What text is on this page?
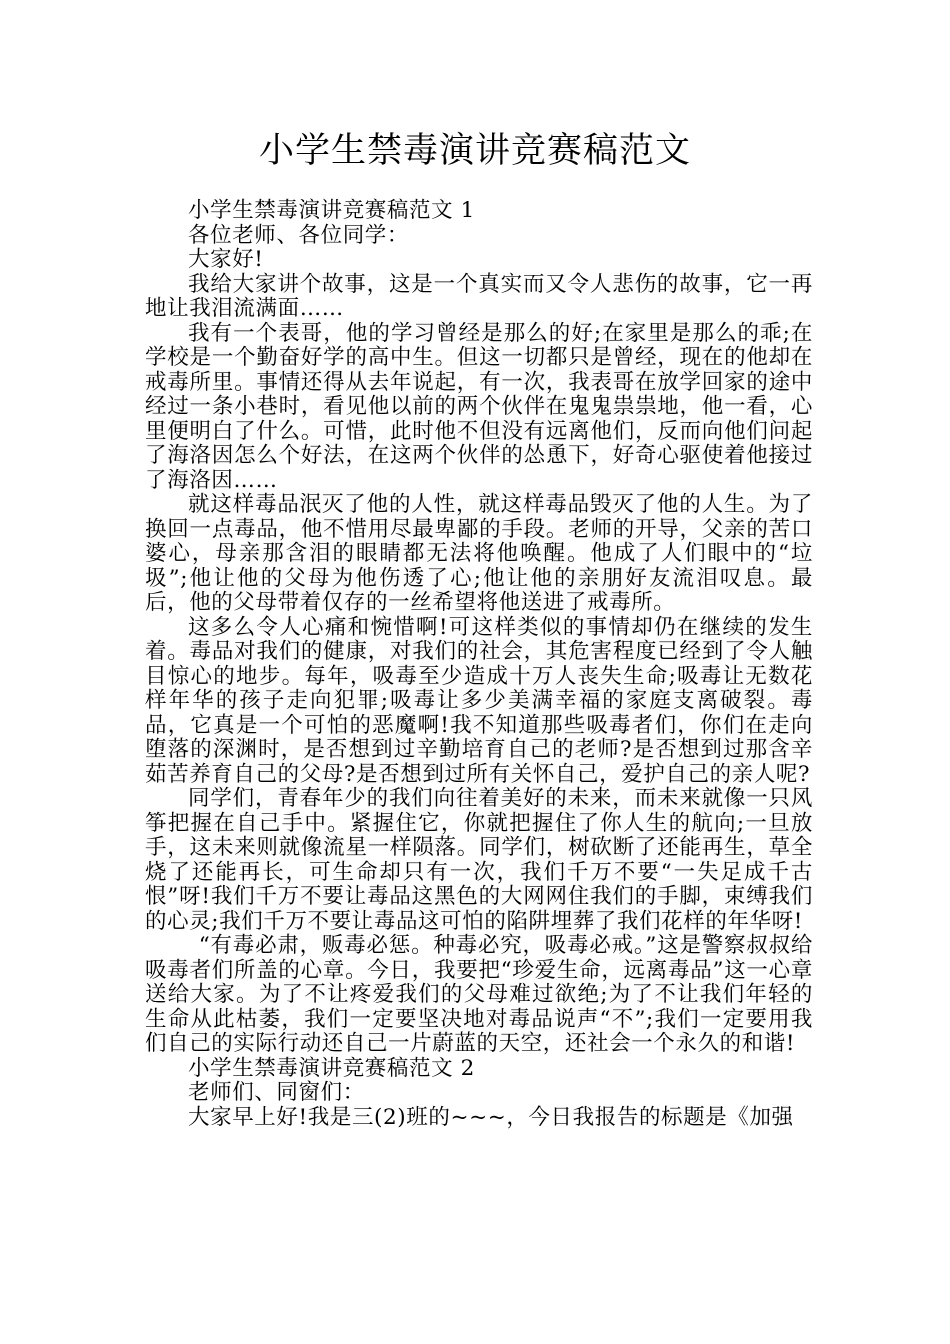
小学生禁毒演讲竞赛稿范文

小学生禁毒演讲竞赛稿范文 1

各位老师、各位同学：

大家好!

我给大家讲个故事，这是一个真实而又令人悲伤的故事，它一再地让我泪流满面……

我有一个表哥，他的学习曾经是那么的好;在家里是那么的乖;在学校是一个勤奋好学的高中生。但这一切都只是曾经，现在的他却在戒毒所里。事情还得从去年说起，有一次，我表哥在放学回家的途中经过一条小巷时，看见他以前的两个伙伴在鬼鬼祟祟地，他一看，心里便明白了什么。可惜，此时他不但没有远离他们，反而向他们问起了海洛因怎么个好法，在这两个伙伴的怂恿下，好奇心驱使着他接过了海洛因……

就这样毒品泯灭了他的人性，就这样毒品毁灭了他的人生。为了换回一点毒品，他不惜用尽最卑鄙的手段。老师的开导，父亲的苦口婆心，母亲那含泪的眼睛都无法将他唤醒。他成了人们眼中的“垃圾”;他让他的父母为他伤透了心;他让他的亲朋好友流泪叹息。最后，他的父母带着仅存的一丝希望将他送进了戒毒所。

这多么令人心痛和惋惜啊!可这样类似的事情却仍在继续的发生着。毒品对我们的健康，对我们的社会，其危害程度已经到了令人触目惊心的地步。每年，吸毒至少造成十万人丧失生命;吸毒让无数花样年华的孩子走向犯罪;吸毒让多少美满幸福的家庭支离破裂。毒品，它真是一个可怕的恶魔啊!我不知道那些吸毒者们，你们在走向堕落的深渊时，是否想到过辛勤培育自己的老师?是否想到过那含辛茹苦养育自己的父母?是否想到过所有关怀自己，爱护自己的亲人呢?

同学们，青春年少的我们向往着美好的未来，而未来就像一只风筝把握在自己手中。紧握住它，你就把握住了你人生的航向;一旦放手，这未来则就像流星一样陨落。同学们，树砍断了还能再生，草全烧了还能再长，可生命却只有一次，我们千万不要“一失足成千古恨”呀!我们千万不要让毒品这黑色的大网网住我们的手脚，束缚我们的心灵;我们千万不要让毒品这可怕的陷阱埋葬了我们花样的年华呀!

“有毒必肃，贩毒必惩。种毒必究，吸毒必戒。”这是警察叔叔给吸毒者们所盖的心章。今日，我要把“珍爱生命，远离毒品”这一心章送给大家。为了不让疼爱我们的父母难过欲绝;为了不让我们年轻的生命从此枯萎，我们一定要坚决地对毒品说声“不”;我们一定要用我们自己的实际行动还自己一片蔚蓝的天空，还社会一个永久的和谐!

小学生禁毒演讲竞赛稿范文 2

老师们、同窗们：

大家早上好!我是三(2)班的~~~，今日我报告的标题是《加强
